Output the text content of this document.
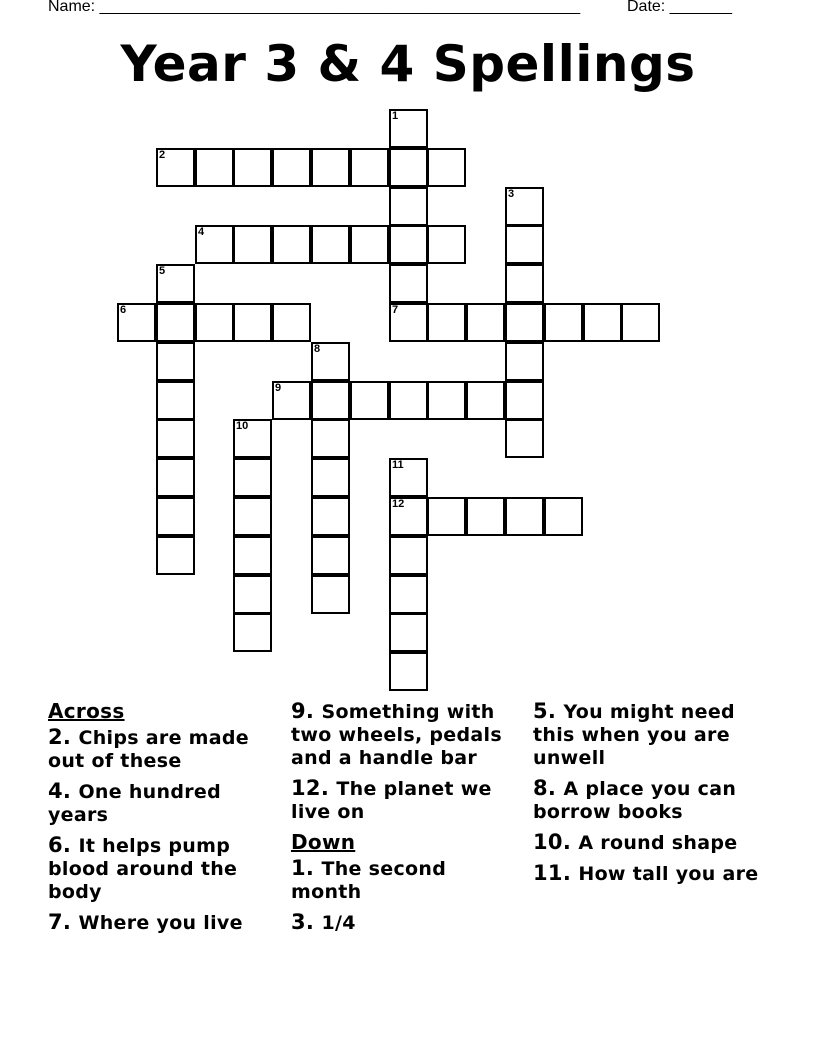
Name: ______________________________________________________	Date: _______
Year 3 & 4 Spellings
1
7
2
3
4
5
6
8
9
10
11
12
Across
2. Chips are made out of these
4. One hundred years
6. It helps pump blood around the body
7. Where you live
9. Something with two wheels, pedals and a handle bar
12. The planet we live on
Down
1. The second month
3. 1/4
5. You might need this when you are unwell
8. A place you can borrow books
10. A round shape
11. How tall you are
